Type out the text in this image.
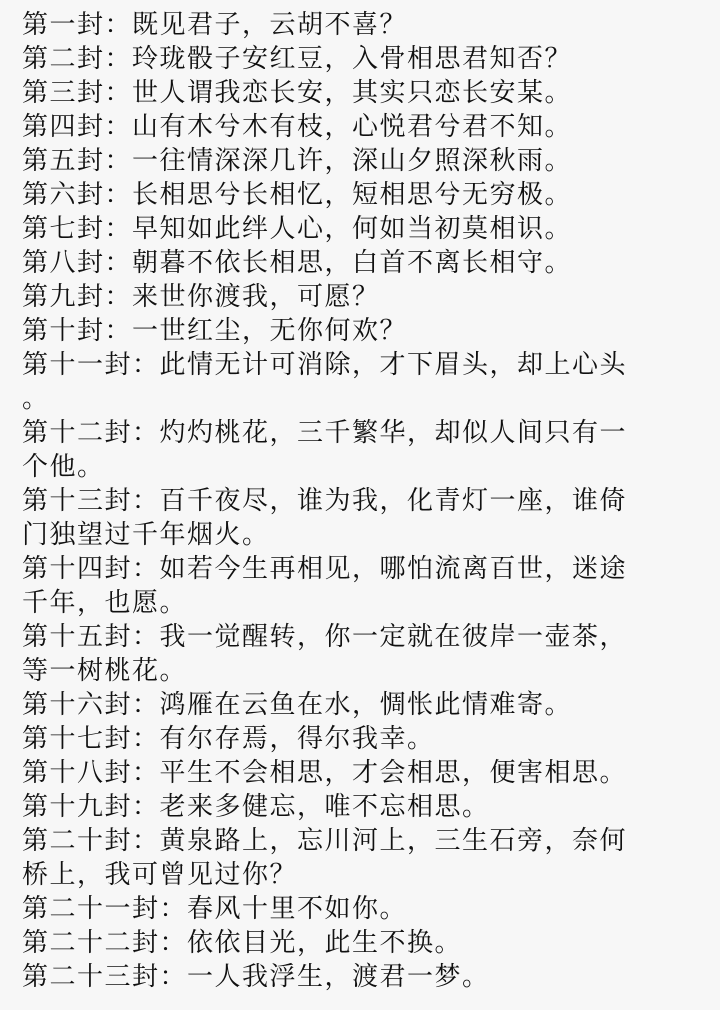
第一封：既见君子，云胡不喜？
第二封：玲珑骰子安红豆，入骨相思君知否？
第三封：世人谓我恋长安，其实只恋长安某。
第四封：山有木兮木有枝，心悦君兮君不知。
第五封：一往情深深几许，深山夕照深秋雨。
第六封：长相思兮长相忆，短相思兮无穷极。
第七封：早知如此绊人心，何如当初莫相识。
第八封：朝暮不依长相思，白首不离长相守。
第九封：来世你渡我，可愿？
第十封：一世红尘，无你何欢？
第十一封：此情无计可消除，才下眉头，却上心头
。
第十二封：灼灼桃花，三千繁华，却似人间只有一
个他。
第十三封：百千夜尽，谁为我，化青灯一座，谁倚
门独望过千年烟火。
第十四封：如若今生再相见，哪怕流离百世，迷途
千年，也愿。
第十五封：我一觉醒转，你一定就在彼岸一壶茶，
等一树桃花。
第十六封：鸿雁在云鱼在水，惆怅此情难寄。
第十七封：有尔存焉，得尔我幸。
第十八封：平生不会相思，才会相思，便害相思。
第十九封：老来多健忘，唯不忘相思。
第二十封：黄泉路上，忘川河上，三生石旁，奈何
桥上，我可曾见过你？
第二十一封：春风十里不如你。
第二十二封：依依目光，此生不换。
第二十三封：一人我浮生，渡君一梦。
